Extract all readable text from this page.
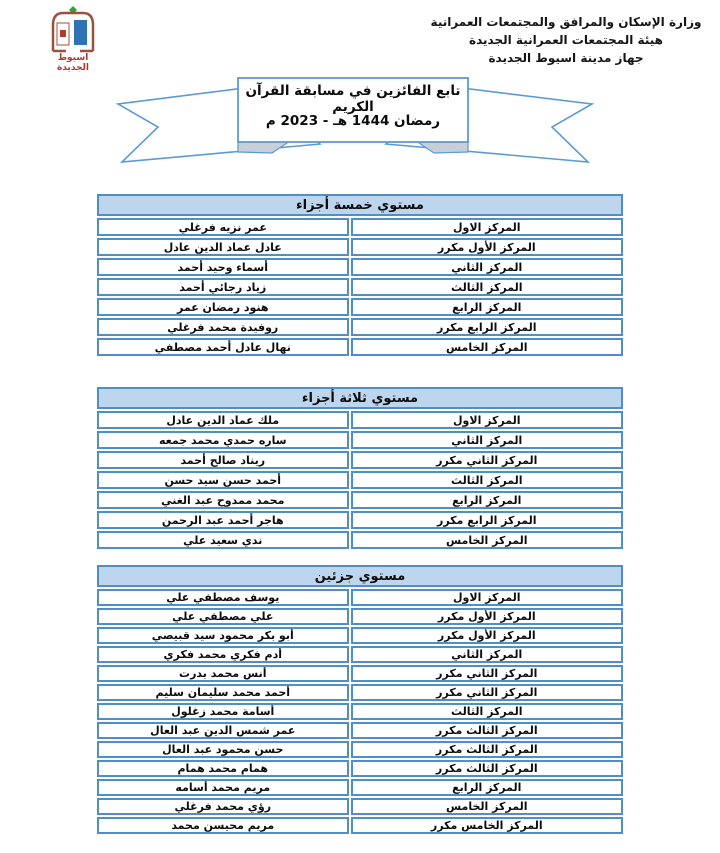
وزارة الإسكان والمرافق والمجتمعات العمرانية
هيئة المجتمعات العمرانية الجديدة
جهاز مدينة اسيوط الجديدة
اسيوط
الجديدة
تابع الفائزين في مسابقة القرآن الكريم
رمضان 1444 هـ - 2023 م
مستوي خمسة أجزاء	
المركز الاول	عمر نزيه فرغلي
المركز الأول مكرر	عادل عماد الدين عادل
المركز الثاني	أسماء وحيد أحمد
المركز الثالث	زياد رجائي أحمد
المركز الرابع	هنود رمضان عمر
المركز الرابع مكرر	روفيدة محمد فرغلي
المركز الخامس	نهال عادل أحمد مصطفي
مستوي ثلاثة أجزاء	
المركز الاول	ملك عماد الدين عادل
المركز الثاني	ساره حمدي محمد جمعه
المركز الثاني مكرر	ريناد صالح أحمد
المركز الثالث	أحمد حسن سيد حسن
المركز الرابع	محمد ممدوح عبد الغني
المركز الرابع مكرر	هاجر أحمد عبد الرحمن
المركز الخامس	ندي سعيد علي
مستوي جزئين	
المركز الاول	يوسف مصطفي علي
المركز الأول مكرر	علي مصطفي علي
المركز الأول مكرر	أبو بكر محمود سيد قبيصي
المركز الثاني	أدم فكري محمد فكري
المركز الثاني مكرر	أنس محمد بدرت
المركز الثاني مكرر	أحمد محمد سليمان سليم
المركز الثالث	أسامة محمد زغلول
المركز الثالث مكرر	عمر شمس الدين عبد العال
المركز الثالث مكرر	حسن محمود عبد العال
المركز الثالث مكرر	همام محمد همام
المركز الرابع	مريم محمد أسامه
المركز الخامس	رؤي محمد فرغلي
المركز الخامس مكرر	مريم محيسن محمد
